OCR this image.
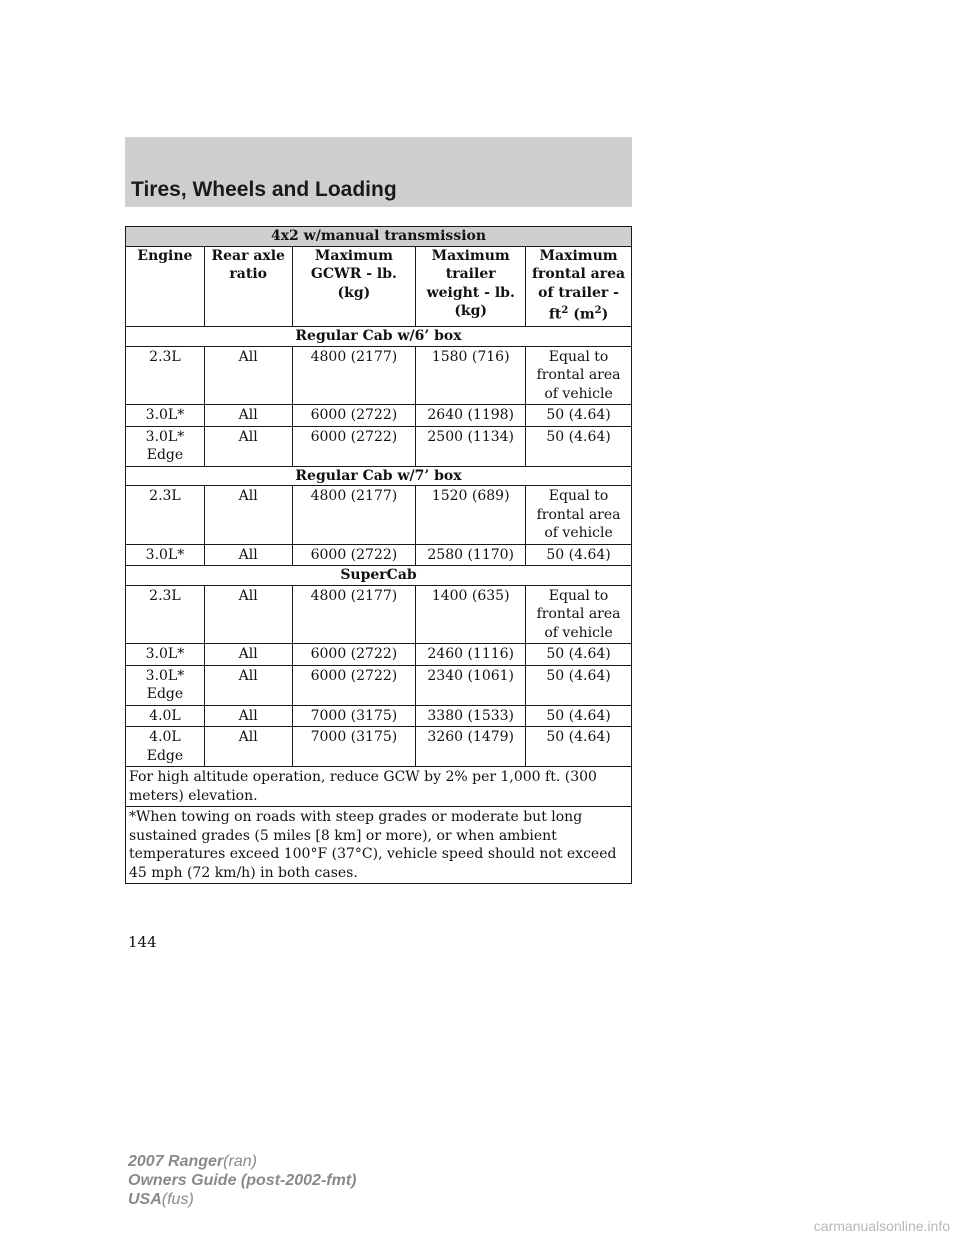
Tires, Wheels and Loading
4x2 w/manual transmission				
Engine	Rear axle ratio	Maximum GCWR - lb. (kg)	Maximum trailer weight - lb. (kg)	Maximum frontal area of trailer - $ft^2$ $(m^2)$
Regular Cab w/6’ box				
2.3L	All	4800 (2177)	1580 (716)	Equal to frontal area of vehicle
3.0L*	All	6000 (2722)	2640 (1198)	50 (4.64)
3.0L* Edge	All	6000 (2722)	2500 (1134)	50 (4.64)
Regular Cab w/7’ box				
2.3L	All	4800 (2177)	1520 (689)	Equal to frontal area of vehicle
3.0L*	All	6000 (2722)	2580 (1170)	50 (4.64)
SuperCab				
2.3L	All	4800 (2177)	1400 (635)	Equal to frontal area of vehicle
3.0L*	All	6000 (2722)	2460 (1116)	50 (4.64)
3.0L* Edge	All	6000 (2722)	2340 (1061)	50 (4.64)
4.0L	All	7000 (3175)	3380 (1533)	50 (4.64)
4.0L Edge	All	7000 (3175)	3260 (1479)	50 (4.64)
For high altitude operation, reduce GCW by 2% per 1,000 ft. (300 meters) elevation.				
*When towing on roads with steep grades or moderate but long sustained grades (5 miles [8 km] or more), or when ambient temperatures exceed 100°F (37°C), vehicle speed should not exceed 45 mph (72 km/h) in both cases.				
144
2007 Ranger(ran)
Owners Guide (post-2002-fmt)
USA(fus)
carmanualsonline.info
